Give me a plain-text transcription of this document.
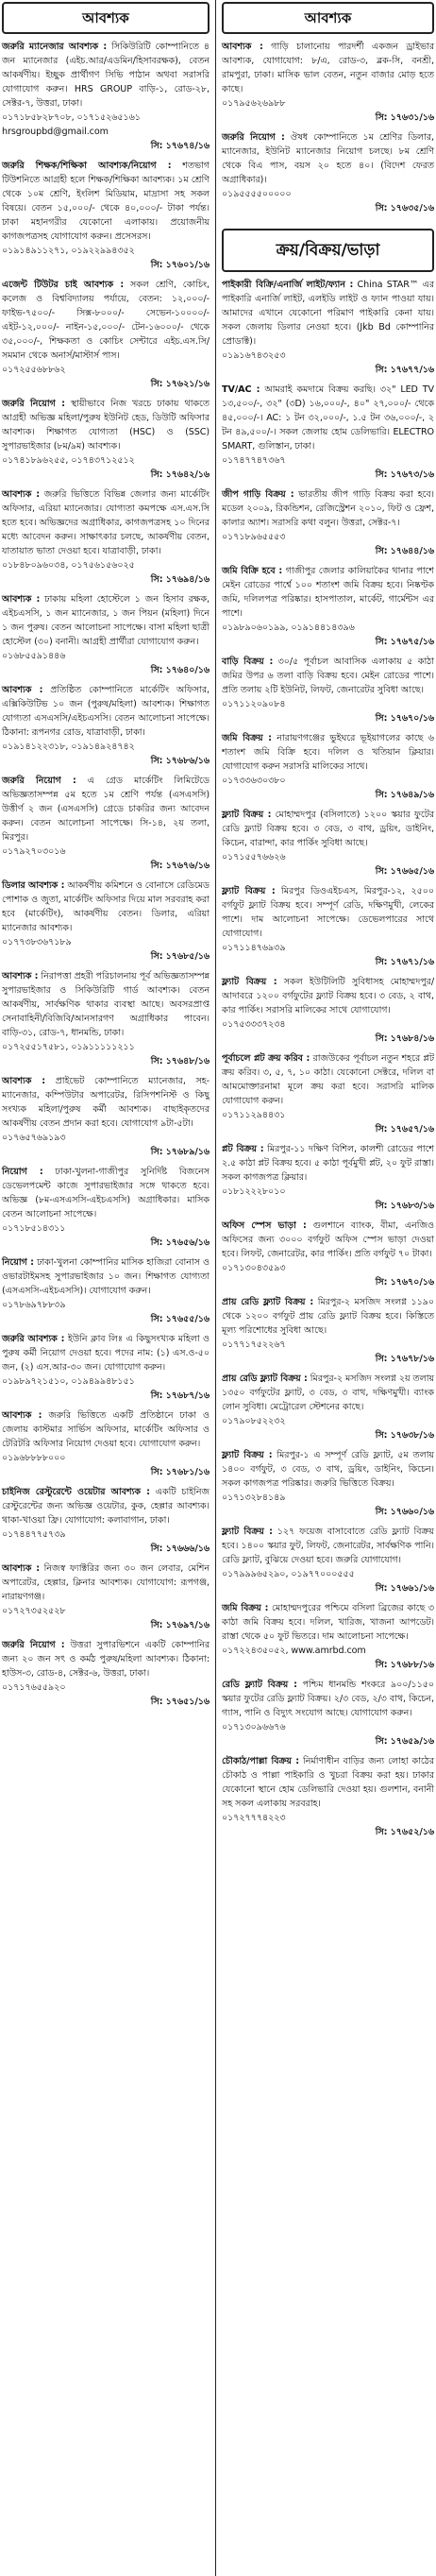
আবশ্যক
জরুরি ম্যানেজার আবশ্যক : সিকিউরিটি কোম্পানিতে ৪ জন ম্যানেজার (এইচ.আর/এডমিন/হিসাবরক্ষক), বেতন আকর্ষণীয়। ইচ্ছুক প্রার্থীগণ সিভি পাঠান অথবা সরাসরি যোগাযোগ করুন। HRS GROUP বাড়ি-১, রোড-২৮, সেক্টর-৭, উত্তরা, ঢাকা।
০১৭১৮৫৮২৮৭০৮, ০১৭১৫২৬৫১৬১
hrsgroupbd@gmail.com
সি: ১৭৬৭৪/১৬
জরুরি শিক্ষক/শিক্ষিকা আবশ্যক/নিয়োগ : শতভাগ টিউশনিতে আগ্রহী হলে শিক্ষক/শিক্ষিকা আবশ্যক। ১ম শ্রেণি থেকে ১০ম শ্রেণি, ইংলিশ মিডিয়াম, মাদ্রাসা সহ সকল বিষয়ে। বেতন ১৫,০০০/- থেকে ৪০,০০০/- টাকা পর্যন্ত। ঢাকা মহানগরীর যেকোনো এলাকায়। প্রয়োজনীয় কাগজপত্রসহ যোগাযোগ করুন। প্রসেসরস।
০১৯১৪৯১১২৭১, ০১৯২২৯৯৪৩৫২
সি: ১৭৬০১/১৬
এজেন্ট টিউটর চাই আবশ্যক : সকল শ্রেণি, কোচিং, কলেজ ও বিশ্ববিদ্যালয় পর্যায়ে, বেতন: ১২,০০০/- ফাইভ-৭৫০০/- সিক্স-৮০০০/- সেভেন-১০০০০/- এইট-১২,০০০/- নাইন-১৫,০০০/- টেন-১৬০০০/- থেকে ৩৫,০০০/-, শিক্ষকতা ও কোচিং সেন্টারে এইচ.এস.সি/সমমান থেকে অনার্স/মাস্টার্স পাস।
০১৭২৫৫৬৮৮৬২
সি: ১৭৬২১/১৬
জরুরি নিয়োগ : স্থায়ীভাবে নিজ খরচে ঢাকায় থাকতে আগ্রহী অভিজ্ঞ মহিলা/পুরুষ ইউনিট হেড, ডিউটি অফিসার আবশ্যক। শিক্ষাগত যোগ্যতা (HSC) ও (SSC) সুপারভাইজার (৮ম/৯ম) আবশ্যক।
০১৭৪১৮৯৬২৫৫, ০১৭৪৩৭১২৫১২
সি: ১৭৬৪২/১৬
আবশ্যক : জরুরি ভিত্তিতে বিভিন্ন জেলার জন্য মার্কেটিং অফিসার, এরিয়া ম্যানেজার। যোগ্যতা কমপক্ষে এস.এস.সি হতে হবে। অভিজ্ঞদের অগ্রাধিকার, কাগজপত্রসহ ১০ দিনের মধ্যে আবেদন করুন। সাক্ষাৎকার চলছে, আকর্ষণীয় বেতন, যাতায়াত ভাতা দেওয়া হবে। যাত্রাবাড়ী, ঢাকা।
০১৮৪৮০৯৬০৩৪, ০১৭৫৬১৫৬০২৫
সি: ১৭৬৯৪/১৬
আবশ্যক : ঢাকায় মহিলা হোস্টেলে ১ জন হিসাব রক্ষক, এইচএসসি, ১ জন ম্যানেজার, ১ জন পিয়ন (মহিলা) দিনে ১ জন পুরুষ। বেতন আলোচনা সাপেক্ষে। বাসা মহিলা ছাত্রী হোস্টেল (৩০) বনানী। আগ্রহী প্রার্থীরা যোগাযোগ করুন।
০১৬৮৫৫৯১৪৪৬
সি: ১৭৬৪০/১৬
আবশ্যক : প্রতিষ্ঠিত কোম্পানিতে মার্কেটিং অফিসার, এক্সিকিউটিভ ১০ জন (পুরুষ/মহিলা) আবশ্যক। শিক্ষাগত যোগ্যতা এসএসসি/এইচএসসি। বেতন আলোচনা সাপেক্ষে। ঠিকানা: রূপনগর রোড, যাত্রাবাড়ী, ঢাকা।
০১৯১৪১২২৩১৮, ০১৯১৪৯২৪৭৪২
সি: ১৭৬৮৬/১৬
জরুরি নিয়োগ : এ গ্রেড মার্কেটিং লিমিটেডে অভিজ্ঞতাসম্পন্ন ৫ম হতে ১ম শ্রেণি পর্যন্ত (এসএসসি) উত্তীর্ণ ২ জন (এসএসসি) গ্রেডে চাকরির জন্য আবেদন করুন। বেতন আলোচনা সাপেক্ষে। সি-১৪, ২য় তলা, মিরপুর।
০১৭৯২৭০৩০১৬
সি: ১৭৬৭৬/১৬
ডিলার আবশ্যক : আকর্ষণীয় কমিশনে ও বোনাসে রেডিমেড পোশাক ও জুতা, মার্কেটিং অফিসার দিয়ে মাল সরবরাহ করা হবে (মার্কেটিং), আকর্ষণীয় বেতন। ডিলার, এরিয়া ম্যানেজার আবশ্যক।
০১৭৭৩৮৩৬৭১৮৯
সি: ১৭৬৮৫/১৬
আবশ্যক : নিরাপত্তা প্রহরী পরিচালনায় পূর্ব অভিজ্ঞতাসম্পন্ন সুপারভাইজার ও সিকিউরিটি গার্ড আবশ্যক। বেতন আকর্ষণীয়, সার্বক্ষণিক থাকার ব্যবস্থা আছে। অবসরপ্রাপ্ত সেনাবাহিনী/বিজিবি/আনসারগণ অগ্রাধিকার পাবেন। বাড়ি-৩১, রোড-৭, ধানমন্ডি, ঢাকা।
০১৭২৫৫১৭৫৮১, ০১৯১১১১১২১১
সি: ১৭৬৪৮/১৬
আবশ্যক : প্রাইভেট কোম্পানিতে ম্যানেজার, সহ-ম্যানেজার, কম্পিউটার অপারেটর, রিসিপশনিস্ট ও কিছু সংখ্যক মহিলা/পুরুষ কর্মী আবশ্যক। বাছাইকৃতদের আকর্ষণীয় বেতন প্রদান করা হবে। যোগাযোগ ৯টা-৫টা।
০১৭৬৫৭৬৯১৯৩
সি: ১৭৬৮৯/১৬
নিয়োগ : ঢাকা-খুলনা-গাজীপুর সুনির্দিষ্ট বিজনেস ডেভেলপমেন্ট কাজে সুপারভাইজার সঙ্গে থাকতে হবে। অভিজ্ঞ (৮ম-এসএসসি-এইচএসসি) অগ্রাধিকার। মাসিক বেতন আলোচনা সাপেক্ষে।
০১৭১৮৫১৪৩১১
সি: ১৭৬৫৬/১৬
নিয়োগ : ঢাকা-খুলনা কোম্পানির মাসিক হাজিরা বোনাস ও ওভারটাইমসহ সুপারভাইজার ১০ জন। শিক্ষাগত যোগ্যতা (এসএসসি-এইচএসসি)। যোগাযোগ করুন।
০১৭৮৬৯৭৮৮৩৯
সি: ১৭৬৫৫/১৬
জরুরি আবশ্যক : ইউনি ক্লাব লিঃ এ কিছুসংখ্যক মহিলা ও পুরুষ কর্মী নিয়োগ দেওয়া হবে। পদের নাম: (১) এস.ও-৫০ জন, (২) এস.আর-৩০ জন। যোগাযোগ করুন।
০১৯৮৯৭২১৫১০, ০১৯৪৯৯৪৮১৫১
সি: ১৭৬৮৭/১৬
আবশ্যক : জরুরি ভিত্তিতে একটি প্রতিষ্ঠানে ঢাকা ও জেলায় কাস্টমার সার্ভিস অফিসার, মার্কেটিং অফিসার ও টেরিটরি অফিসার নিয়োগ দেওয়া হবে। যোগাযোগ করুন।
০১৯৬৮৮৮৮০০০
সি: ১৭৬৮১/১৬
চাইনিজ রেস্টুরেন্টে ওয়েটার আবশ্যক : একটি চাইনিজ রেস্টুরেন্টের জন্য অভিজ্ঞ ওয়েটার, কুক, হেল্পার আবশ্যক। থাকা-খাওয়া ফ্রি। যোগাযোগ: কলাবাগান, ঢাকা।
০১৭৪৪৭৭৫৭৩৯
সি: ১৭৬৬৬/১৬
আবশ্যক : নিজস্ব ফ্যাক্টরির জন্য ৩০ জন লেবার, মেশিন অপারেটর, হেল্পার, ক্লিনার আবশ্যক। যোগাযোগ: রূপগঞ্জ, নারায়ণগঞ্জ।
০১৭২৭৩৫২৫২৮
সি: ১৭৬৯৭/১৬
জরুরি নিয়োগ : উত্তরা সুপারভিশনে একটি কোম্পানির জন্য ২০ জন সৎ ও কর্মঠ পুরুষ/মহিলা আবশ্যক। ঠিকানা: হাউস-৩, রোড-৪, সেক্টর-৬, উত্তরা, ঢাকা।
০১৭১৭৬৫৫৯২০
সি: ১৭৬৫১/১৬
আবশ্যক
আবশ্যক : গাড়ি চালানোয় পারদর্শী একজন ড্রাইভার আবশ্যক, যোগাযোগ: ৮/এ, রোড-৩, ব্লক-সি, বনশ্রী, রামপুরা, ঢাকা। মাসিক ভাল বেতন, নতুন বাজার মোড় হতে কাছে।
০১৭৯৫৬২৬৯৮৮
সি: ১৭৬৩১/১৬
জরুরি নিয়োগ : ঔষধ কোম্পানিতে ১ম শ্রেণির ডিলার, ম্যানেজার, ইউনিট ম্যানেজার নিয়োগ চলছে। ৮ম শ্রেণি থেকে বিএ পাস, বয়স ২০ হতে ৪০। (বিদেশ ফেরত অগ্রাধিকার)।
০১৯৫৫৫৫০০০০০
সি: ১৭৬৩৫/১৬
ক্রয়/বিক্রয়/ভাড়া
পাইকারী বিক্রি/এনার্জি লাইট/ফ্যান : China STAR™ এর পাইকারি এনার্জি লাইট, এলইডি লাইট ও ফ্যান পাওয়া যায়। আমাদের এখানে যেকোনো পরিমাণ পাইকারি কেনা যায়। সকল জেলায় ডিলার নেওয়া হবে। (Jkb Bd কোম্পানির প্রোডাক্ট)।
০১৯১৬৭৪৩২৫৩
সি: ১৭৬৭৭/১৬
TV/AC : আমরাই কমদামে বিক্রয় করছি। ৩২" LED TV ১৩,৫০০/-, ৩২" (৩D) ১৬,০০০/-, ৪০" ২৭,০০০/- থেকে ৪৫,০০০/-। AC: ১ টন ৩২,০০০/-, ১.৫ টন ৩৬,০০০/-, ২ টন ৪৯,৫০০/-। সকল জেলায় হোম ডেলিভারি। ELECTRO SMART, গুলিস্তান, ঢাকা।
০১৭৪৭৭৪৭৩৬৭
সি: ১৭৬৭৩/১৬
জীপ গাড়ি বিক্রয় : ভারতীয় জীপ গাড়ি বিক্রয় করা হবে। মডেল ২০০৯, রিকন্ডিশন, রেজিস্ট্রেশন ২০১০, ফিট ও ফ্রেশ, কালার অ্যাশ। সরাসরি কথা বলুন। উত্তরা, সেক্টর-৭।
০১৭১৮৯৬৫৫৫৩
সি: ১৭৬৪৪/১৬
জমি বিক্রি হবে : গাজীপুর জেলার কালিয়াকৈর থানার পাশে মেইন রোডের পার্শ্বে ১০০ শতাংশ জমি বিক্রয় হবে। নিষ্কণ্টক জমি, দলিলপত্র পরিষ্কার। হাসপাতাল, মার্কেট, গার্মেন্টস এর পাশে।
০১৯৮৯০৬০১৯৯, ০১৯১৪৪১৪৩৯৬
সি: ১৭৬৭৫/১৬
বাড়ি বিক্রয় : ৩০/৫ পূর্বাচল আবাসিক এলাকায় ৫ কাঠা জমির উপর ৬ তলা বাড়ি বিক্রয় হবে। মেইন রোডের পাশে। প্রতি তলায় ২টি ইউনিট, লিফট, জেনারেটর সুবিধা আছে।
০১৭১১২০৯০৮৪
সি: ১৭৬৭০/১৬
জমি বিক্রয় : নারায়ণগঞ্জের ভুইঘরে ভূইয়াগলের কাছে ৬ শতাংশ জমি বিক্রি হবে। দলিল ও খতিয়ান ক্লিয়ার। যোগাযোগ করুন সরাসরি মালিকের সাথে।
০১৭৩৩৬৩০৩৮০
সি: ১৭৬৪৯/১৬
ফ্ল্যাট বিক্রয় : মোহাম্মদপুর (বসিলাতে) ১২০০ স্কয়ার ফুটের রেডি ফ্ল্যাট বিক্রয় হবে। ৩ বেড, ৩ বাথ, ড্রয়িং, ডাইনিং, কিচেন, বারান্দা, কার পার্কিং সুবিধা আছে।
০১৭১৫৫৭৬৬২৬
সি: ১৭৬৬৫/১৬
ফ্ল্যাট বিক্রয় : মিরপুর ডিওএইচএস, মিরপুর-১২, ২৫০০ বর্গফুট ফ্ল্যাট বিক্রয় হবে। সম্পূর্ণ রেডি, দক্ষিণমুখী, লেকের পাশে। দাম আলোচনা সাপেক্ষে। ডেভেলপারের সাথে যোগাযোগ।
০১৭১১৪৭৬৯৩৯
সি: ১৭৬৭১/১৬
ফ্ল্যাট বিক্রয় : সকল ইউটিলিটি সুবিধাসহ মোহাম্মদপুর/আদাবরে ১২০০ বর্গফুটের ফ্ল্যাট বিক্রয় হবে। ৩ বেড, ২ বাথ, কার পার্কিং। সরাসরি মালিকের সাথে যোগাযোগ।
০১৭৫৩৩৩৭২৩৪
সি: ১৭৬৮৪/১৬
পূর্বাচলে প্লট ক্রয় করিব : রাজউকের পূর্বাচল নতুন শহরে প্লট ক্রয় করিব। ৩, ৫, ৭, ১০ কাঠা। যেকোনো সেক্টরে, দলিল বা আমমোক্তারনামা মূলে ক্রয় করা হবে। সরাসরি মালিক যোগাযোগ করুন।
০১৭১১২৯৪৪৩১
সি: ১৭৬৫৭/১৬
প্লট বিক্রয় : মিরপুর-১১ দক্ষিণ বিশিল, কালশী রোডের পাশে ২.৫ কাঠা প্লট বিক্রয় হবে। ৫ কাঠা পূর্বমুখী প্লট, ২০ ফুট রাস্তা। সকল কাগজপত্র ক্লিয়ার।
০১৮১২২২৮০১০
সি: ১৭৬৮৩/১৬
অফিস স্পেস ভাড়া : গুলশানে ব্যাংক, বীমা, এনজিও অফিসের জন্য ৩০০০ বর্গফুট অফিস স্পেস ভাড়া দেওয়া হবে। লিফট, জেনারেটর, কার পার্কিং। প্রতি বর্গফুট ৭০ টাকা।
০১৭১৩০৪৩৫৯৩
সি: ১৭৬৭০/১৬
প্রায় রেডি ফ্ল্যাট বিক্রয় : মিরপুর-২ মসজিদ সংলগ্ন ১১৯০ থেকে ১২০০ বর্গফুট প্রায় রেডি ফ্ল্যাট বিক্রয় হবে। কিস্তিতে মূল্য পরিশোধের সুবিধা আছে।
০১৭৭১৭৫২২৬৭
সি: ১৭৬৭৮/১৬
প্রায় রেডি ফ্ল্যাট বিক্রয় : মিরপুর-২ মসজিদ সংলগ্ন ২য় তলায় ১৩৫০ বর্গফুটের ফ্ল্যাট, ৩ বেড, ৩ বাথ, দক্ষিণমুখী। ব্যাংক লোন সুবিধা। মেট্রোরেল স্টেশনের কাছে।
০১৭৯০৮৫২২৩২
সি: ১৭৬৩৮/১৬
ফ্ল্যাট বিক্রয় : মিরপুর-১ এ সম্পূর্ণ রেডি ফ্ল্যাট, ৫ম তলায় ১৪০০ বর্গফুট, ৩ বেড, ৩ বাথ, ড্রয়িং, ডাইনিং, কিচেন। সকল কাগজপত্র পরিষ্কার। জরুরি ভিত্তিতে বিক্রয়।
০১৭১৩২৮৪১৪৯
সি: ১৭৬৬০/১৬
ফ্ল্যাট বিক্রয় : ১২৭ ফয়েজ বাসাবোতে রেডি ফ্ল্যাট বিক্রয় হবে। ১৪০০ স্কয়ার ফুট, লিফট, জেনারেটর, সার্বক্ষণিক পানি। রেডি ফ্ল্যাট, বুঝিয়ে দেওয়া হবে। জরুরি যোগাযোগ।
০১৭৯৯৯৬৫২৯০, ০১৯৭৭০০০৫৫৫
সি: ১৭৬৬১/১৬
জমি বিক্রয় : মোহাম্মদপুরের পশ্চিমে বসিলা ব্রিজের কাছে ৩ কাঠা জমি বিক্রয় হবে। দলিল, খারিজ, খাজনা আপডেট। রাস্তা থেকে ৫০ ফুট ভিতরে। দাম আলোচনা সাপেক্ষে।
০১৭২২৪৩৫০৫২, www.amrbd.com
সি: ১৭৬৮৮/১৬
রেডি ফ্ল্যাট বিক্রয় : পশ্চিম ধানমন্ডি শংকরে ৯০০/১১৫০ স্কয়ার ফুটের রেডি ফ্ল্যাট বিক্রয়। ২/৩ বেড, ২/৩ বাথ, কিচেন, গ্যাস, পানি ও বিদ্যুৎ সংযোগ আছে। যোগাযোগ করুন।
০১৭১৩০৯৬৬৭৬
সি: ১৭৬৫৯/১৬
চৌকাঠ/পাল্লা বিক্রয় : নির্মাণাধীন বাড়ির জন্য লোহা কাঠের চৌকাঠ ও পাল্লা পাইকারি ও খুচরা বিক্রয় করা হয়। ঢাকার যেকোনো স্থানে হোম ডেলিভারি দেওয়া হয়। গুলশান, বনানী সহ সকল এলাকায় সরবরাহ।
০১৭২৭৭৭৪২২৩
সি: ১৭৬৫২/১৬
